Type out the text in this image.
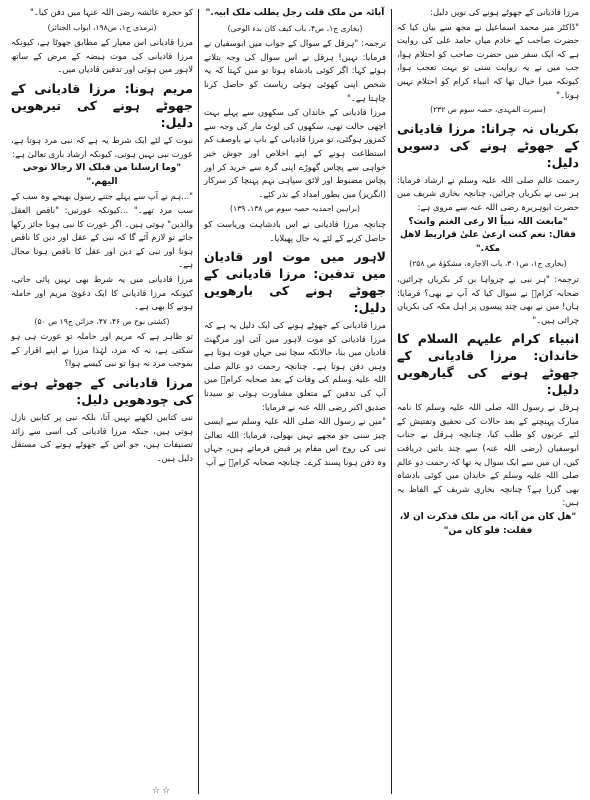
مرزا قادیانی کے جھوٹے ہونے کی نویں دلیل:
"ڈاکٹر میر محمد اسماعیل نے مجھ سے بیان کیا کہ حضرت صاحب کے خادم میاں حامد علی کی روایت ہے کہ ایک سفر میں حضرت صاحب کو احتلام ہوا، جب میں نے یہ روایت سنی تو بہت تعجب ہوا، کیونکہ میرا خیال تھا کہ انبیاء کرام کو احتلام نہیں ہوتا۔"
(سیرت المہدی، حصہ سوم ص ۲۳۲)
بکریاں نہ چرانا: مرزا قادیانی کے جھوٹے ہونے کی دسویں دلیل:
رحمت عالم صلی اللہ علیہ وسلم نے ارشاد فرمایا: ہر نبی نے بکریاں چرائیں، چنانچہ بخاری شریف میں حضرت ابوہریرہ رضی اللہ عنہ سے مروی ہے:
"مابعث اللہ نبیاً الا رعی الغنم وانت؟ فقال: نعم کنت ارعیٰ علیٰ قراریط لاھل مکۃ."
(بخاری ج۱، ص۳۰۱، باب الاجارہ، مشکوٰۃ ص ۲۵۸)
ترجمہ: "ہر نبی نے چرواہا بن کر بکریاں چرائیں، صحابہ کرامؓ نے سوال کیا کہ آپ نے بھی؟ فرمایا: ہاں! میں نے بھی چند پیسوں پر اہل مکہ کی بکریاں چرائی ہیں۔"
انبیاء کرام علیہم السلام کا خاندان: مرزا قادیانی کے جھوٹے ہونے کی گیارھویں دلیل:
ہرقل نے رسول اللہ صلی اللہ علیہ وسلم کا نامہ مبارک پہنچنے کے بعد حالات کی تحقیق وتفتیش کے لئے عربوں کو طلب کیا، چنانچہ ہرقل نے جناب ابوسفیان (رضی اللہ عنہ) سے چند باتیں دریافت کیں، ان میں سے ایک سوال یہ تھا کہ رحمت دو عالم صلی اللہ علیہ وسلم کے خاندان میں کوئی بادشاہ بھی گزرا ہے؟ چنانچہ بخاری شریف کے الفاظ یہ ہیں:
"ھل کان من آبائہ من ملک فذکرت ان لا، فقلت: فلو کان من"
آبائہ من ملک قلت رجل یطلب ملک ابیہ."
(بخاری ج۱، ص۴، باب کیف کان بدء الوحی)
ترجمہ: "ہرقل کے سوال کے جواب میں ابوسفیان نے فرمایا: نہیں! ہرقل نے اس سوال کی وجہ بتلاتے ہوئے کہا: اگر کوئی بادشاہ ہوتا تو میں کہتا کہ یہ شخص اپنی کھوئی ہوئی ریاست کو حاصل کرنا چاہتا ہے۔"
مرزا قادیانی کے خاندان کی سکھوں سے پہلے بہت اچھی حالت تھی، سکھوں کی لوٹ مار کی وجہ سے کمزور ہوگئی، تو مرزا قادیانی کے باپ نے باوصف کم استطاعت ہونے کے اپنے اخلاص اور جوش خیر خواہی سے پچاس گھوڑے اپنی گرہ سے خرید کر اور پچاس مضبوط اور لائق سپاہی بہم پہنچا کر سرکار (انگریز) میں بطور امداد کے نذر کئے۔
(براہین احمدیہ حصہ سوم ص ۱۳۸، ۱۳۹)
چنانچہ مرزا قادیانی نے اس بادشاہت وریاست کو حاصل کرنے کے لئے یہ جال پھیلایا۔
لاہور میں موت اور قادیان میں تدفین: مرزا قادیانی کے جھوٹے ہونے کی بارھویں دلیل:
مرزا قادیانی کے جھوٹے ہونے کی ایک دلیل یہ ہے کہ مرزا قادیانی کو موت لاہور میں آئی اور مرگھٹ قادیان میں بنا، حالانکہ سچا نبی جہاں فوت ہوتا ہے وہیں دفن ہوتا ہے۔ چنانچہ رحمت دو عالم صلی اللہ علیہ وسلم کی وفات کے بعد صحابہ کرامؓ میں آپ کی تدفین کے متعلق مشاورت ہوئی تو سیدنا صدیق اکبر رضی اللہ عنہ نے فرمایا:
"میں نے رسول اللہ صلی اللہ علیہ وسلم سے ایسی چیز سنی جو مجھے نہیں بھولی، فرمایا: اللہ تعالیٰ نبی کی روح اس مقام پر قبض فرماتے ہیں، جہاں وہ دفن ہونا پسند کرے۔ چنانچہ صحابہ کرامؓ نے آپ
کو حجرہ عائشہ رضی اللہ عنہا میں دفن کیا۔"
(ترمذی ج۱، ص۱۹۸، ابواب الجنائز)
مرزا قادیانی اس معیار کے مطابق جھوٹا ہے، کیونکہ مرزا قادیانی کی موت ہیضہ کے مرض کے ساتھ لاہور میں ہوئی اور تدفین قادیان میں۔
مریم ہونا: مرزا قادیانی کے جھوٹے ہونے کی تیرھویں دلیل:
نبوت کے لئے ایک شرط یہ ہے کہ نبی مرد ہوتا ہے، عورت نبی نہیں ہوتی، کیونکہ ارشاد باری تعالیٰ ہے:
"وما ارسلنا من قبلک الا رجالا نوحی الیھم."
"...ہم نے آپ سے پہلے جتنے رسول بھیجے وہ سب کے سب مرد تھے۔" ...کیونکہ عورتیں: "ناقص العقل والدین" ہوتی ہیں۔ اگر عورت کا نبی ہونا جائز رکھا جائے تو لازم آئے گا کہ نبی کے عقل اور دین کا ناقص ہونا اور نبی کے دین اور عقل کا ناقص ہونا محال ہے۔
مرزا قادیانی میں یہ شرط بھی نہیں پائی جاتی، کیونکہ مرزا قادیانی کا ایک دعویٰ مریم اور حاملہ ہونے کا بھی ہے۔
(کشتی نوح ص ۴۶، ۴۷، خزائن ج۱۹ ص ۵۰)
تو ظاہر ہے کہ مریم اور حاملہ تو عورت ہی ہو سکتی ہے، نہ کہ مرد، لہٰذا مرزا نے اپنے اقرار کے بموجب مرد نہ ہوا تو نبی کیسے ہوا؟
مرزا قادیانی کے جھوٹے ہونے کی چودھویں دلیل:
نبی کتابیں لکھنے نہیں آتا، بلکہ نبی پر کتابیں نازل ہوتی ہیں، جبکہ مرزا قادیانی کی اسی سے زائد تصنیفات ہیں، جو اس کے جھوٹے ہونے کی مستقل دلیل ہیں۔
☆☆
